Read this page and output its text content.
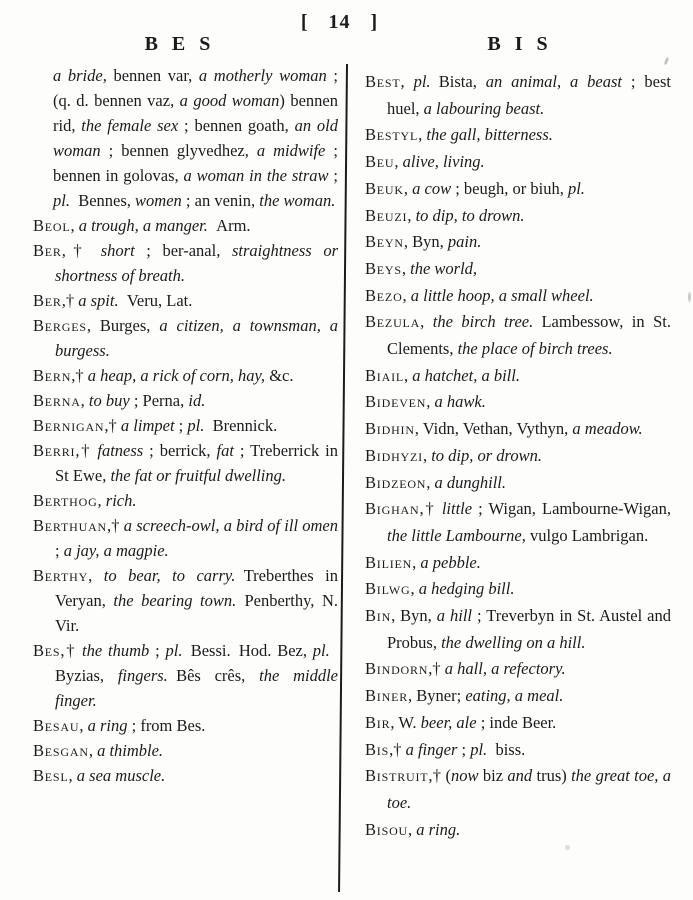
[ 14 ]
B E S	B I S

a bride, bennen var, a motherly woman ; (q. d. bennen vaz, a good woman) bennen rid, the female sex ; bennen goath, an old woman ; bennen glyvedhez, a midwife ; bennen in golovas, a woman in the straw ; pl. Bennes, women ; an venin, the woman.

Beol, a trough, a manger. Arm.

Ber,† short ; ber-anal, straightness or shortness of breath.

Ber,† a spit. Veru, Lat.

Berges, Burges, a citizen, a townsman, a burgess.

Bern,† a heap, a rick of corn, hay, &c.

Berna, to buy ; Perna, id.

Bernigan,† a limpet ; pl. Brennick.

Berri,† fatness ; berrick, fat ; Treberrick in St Ewe, the fat or fruitful dwelling.

Berthog, rich.

Berthuan,† a screech-owl, a bird of ill omen ; a jay, a magpie.

Berthy, to bear, to carry. Treberthes in Veryan, the bearing town. Penberthy, N. Vir.

Bes,† the thumb ; pl. Bessi. Hod. Bez, pl. Byzias, fingers. Bês crês, the middle finger.

Besau, a ring ; from Bes.

Besgan, a thimble.

Besl, a sea muscle.

Best, pl. Bista, an animal, a beast ; best huel, a labouring beast.

Bestyl, the gall, bitterness.

Beu, alive, living.

Beuk, a cow ; beugh, or biuh, pl.

Beuzi, to dip, to drown.

Beyn, Byn, pain.

Beys, the world,

Bezo, a little hoop, a small wheel.

Bezula, the birch tree. Lambessow, in St. Clements, the place of birch trees.

Biail, a hatchet, a bill.

Bideven, a hawk.

Bidhin, Vidn, Vethan, Vythyn, a meadow.

Bidhyzi, to dip, or drown.

Bidzeon, a dunghill.

Bighan,† little ; Wigan, Lambourne-Wigan, the little Lambourne, vulgo Lambrigan.

Bilien, a pebble.

Bilwg, a hedging bill.

Bin, Byn, a hill ; Treverbyn in St. Austel and Probus, the dwelling on a hill.

Bindorn,† a hall, a refectory.

Biner, Byner; eating, a meal.

Bir, W. beer, ale ; inde Beer.

Bis,† a finger ; pl. biss.

Bistruit,† (now biz and trus) the great toe, a toe.

Bisou, a ring.
